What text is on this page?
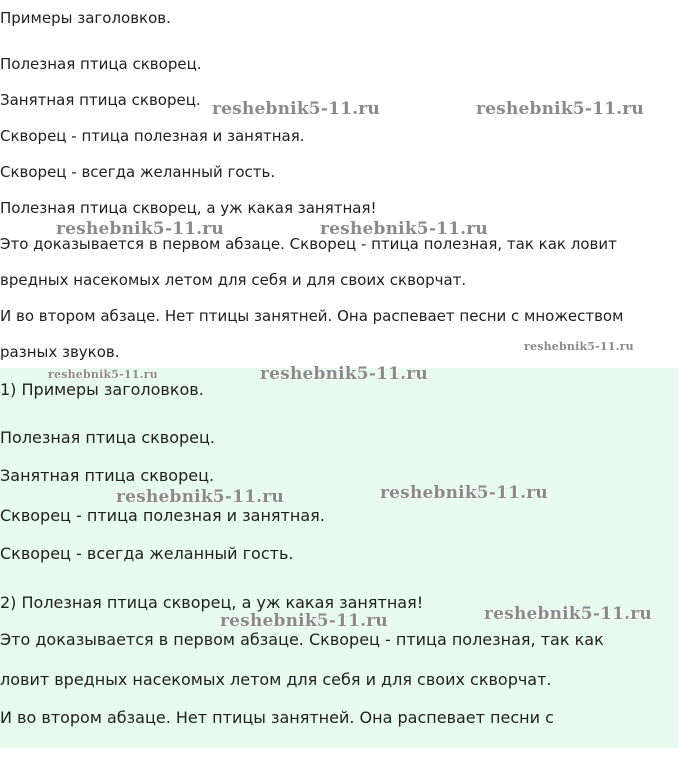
Примеры заголовков.
Полезная птица скворец.
Занятная птица скворец.
Скворец - птица полезная и занятная.
Скворец - всегда желанный гость.
Полезная птица скворец, а уж какая занятная!
Это доказывается в первом абзаце. Скворец - птица полезная, так как ловит
вредных насекомых летом для себя и для своих скворчат.
И во втором абзаце. Нет птицы занятней. Она распевает песни с множеством
разных звуков.
1) Примеры заголовков.
Полезная птица скворец.
Занятная птица скворец.
Скворец - птица полезная и занятная.
Скворец - всегда желанный гость.
2) Полезная птица скворец, а уж какая занятная!
Это доказывается в первом абзаце. Скворец - птица полезная, так как
ловит вредных насекомых летом для себя и для своих скворчат.
И во втором абзаце. Нет птицы занятней. Она распевает песни с
reshebnik5-11.ru	reshebnik5-11.ru
reshebnik5-11.ru	reshebnik5-11.ru
reshebnik5-11.ru
reshebnik5-11.ru	reshebnik5-11.ru
reshebnik5-11.ru	reshebnik5-11.ru
reshebnik5-11.ru
reshebnik5-11.ru
